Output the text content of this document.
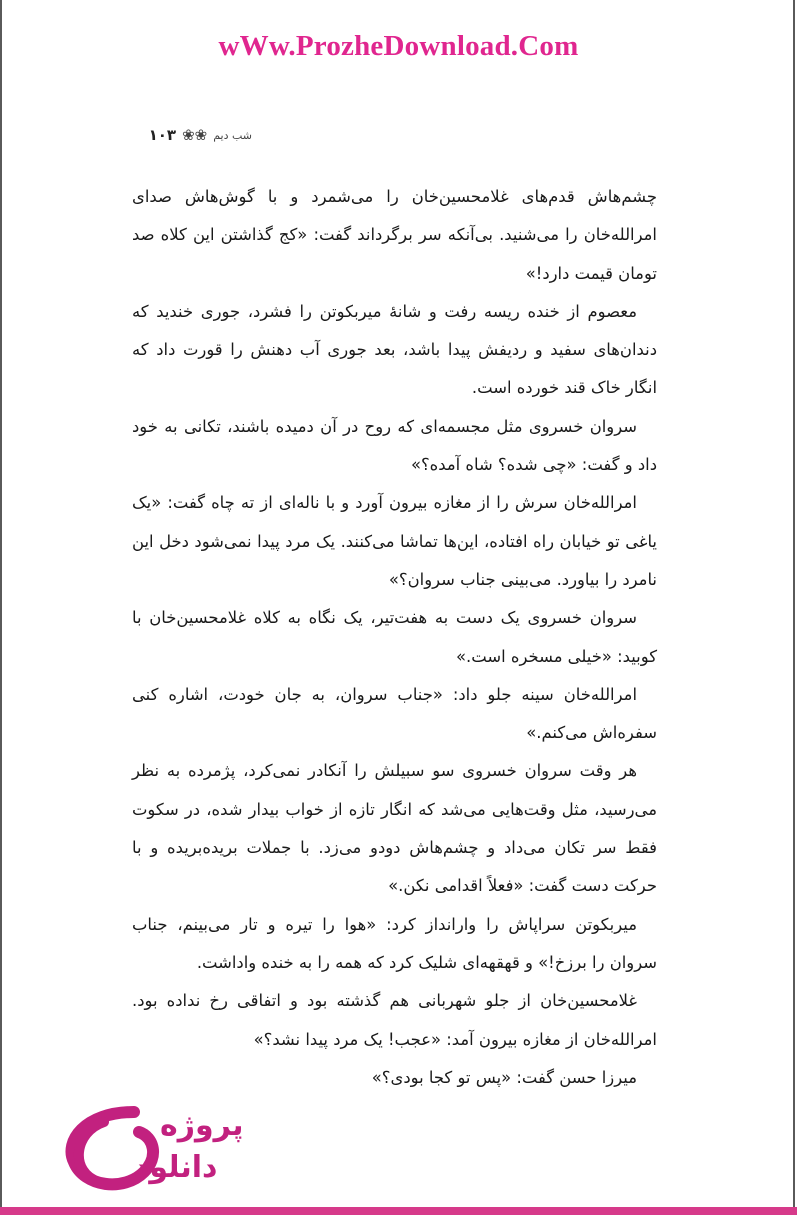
wWw.ProzheDownload.Com
شب دیم
❀❀
۱۰۳

چشم‌هاش قدم‌های غلامحسین‌خان را می‌شمرد و با گوش‌هاش صدای امرالله‌خان را می‌شنید. بی‌آنکه سر برگرداند گفت: «کج گذاشتن این کلاه صد تومان قیمت دارد!»

معصوم از خنده ریسه رفت و شانهٔ میربکوتن را فشرد، جوری خندید که دندان‌های سفید و ردیفش پیدا باشد، بعد جوری آب دهنش را قورت داد که انگار خاک قند خورده است.

سروان خسروی مثل مجسمه‌ای که روح در آن دمیده باشند، تکانی به خود داد و گفت: «چی شده؟ شاه آمده؟»

امرالله‌خان سرش را از مغازه بیرون آورد و با ناله‌ای از ته چاه گفت: «یک یاغی تو خیابان راه افتاده، این‌ها تماشا می‌کنند. یک مرد پیدا نمی‌شود دخل این نامرد را بیاورد. می‌بینی جناب سروان؟»

سروان خسروی یک دست به هفت‌تیر، یک نگاه به کلاه غلامحسین‌خان با کوبید: «خیلی مسخره است.»

امرالله‌خان سینه جلو داد: «جناب سروان، به جان خودت، اشاره کنی سفره‌اش می‌کنم.»

هر وقت سروان خسروی سو سبیلش را آنکادر نمی‌کرد، پژمرده به نظر می‌رسید، مثل وقت‌هایی می‌شد که انگار تازه از خواب بیدار شده، در سکوت فقط سر تکان می‌داد و چشم‌هاش دودو می‌زد. با جملات بریده‌بریده و با حرکت دست گفت: «فعلاً اقدامی نکن.»

میربکوتن سراپاش را وارانداز کرد: «هوا را تیره و تار می‌بینم، جناب سروان را برزخ!» و قهقهه‌ای شلیک کرد که همه را به خنده واداشت.

غلامحسین‌خان از جلو شهربانی هم گذشته بود و اتفاقی رخ نداده بود. امرالله‌خان از مغازه بیرون آمد: «عجب! یک مرد پیدا نشد؟»

میرزا حسن گفت: «پس تو کجا بودی؟»

پروژه
دانلود
